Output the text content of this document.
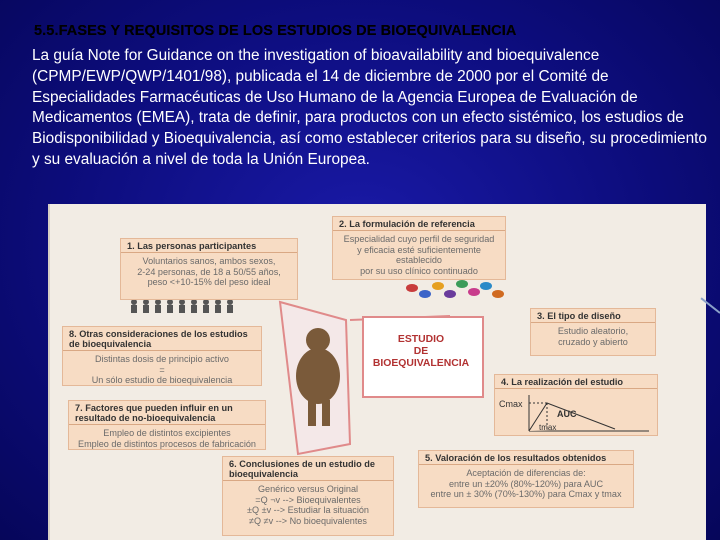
5.5.FASES Y REQUISITOS DE LOS ESTUDIOS DE BIOEQUIVALENCIA
La guía Note for Guidance on the investigation of bioavailability and bioequivalence (CPMP/EWP/QWP/1401/98), publicada el 14 de diciembre de 2000 por el Comité de Especialidades Farmacéuticas de Uso Humano de la Agencia Europea de Evaluación de Medicamentos (EMEA), trata de definir, para productos con un efecto sistémico, los estudios de Biodisponibilidad y Bioequivalencia, así como establecer criterios para su diseño, su procedimiento y su evaluación a nivel de toda la Unión Europea.
1. Las personas participantes
Voluntarios sanos, ambos sexos,
2-24 personas, de 18 a 50/55 años,
peso <+10-15% del peso ideal
2. La formulación de referencia
Especialidad cuyo perfil de seguridad
y eficacia esté suficientemente establecido
por su uso clínico continuado
3. El tipo de diseño
Estudio aleatorio,
cruzado y abierto
4. La realización del estudio
Cmax
AUC
tmax
5. Valoración de los resultados obtenidos
Aceptación de diferencias de:
entre un ±20% (80%-120%) para AUC
entre un ± 30% (70%-130%) para Cmax y tmax
6. Conclusiones de un estudio de bioequivalencia
Genérico versus Original
=Q ¬v --> Bioequivalentes
±Q ±v --> Estudiar la situación
≠Q ≠v --> No bioequivalentes
7. Factores que pueden influir en un resultado de no-bioequivalencia
Empleo de distintos excipientes
Empleo de distintos procesos de fabricación
8. Otras consideraciones de los estudios de bioequivalencia
Distintas dosis de principio activo
=
Un sólo estudio de bioequivalencia
ESTUDIO
DE
BIOEQUIVALENCIA
